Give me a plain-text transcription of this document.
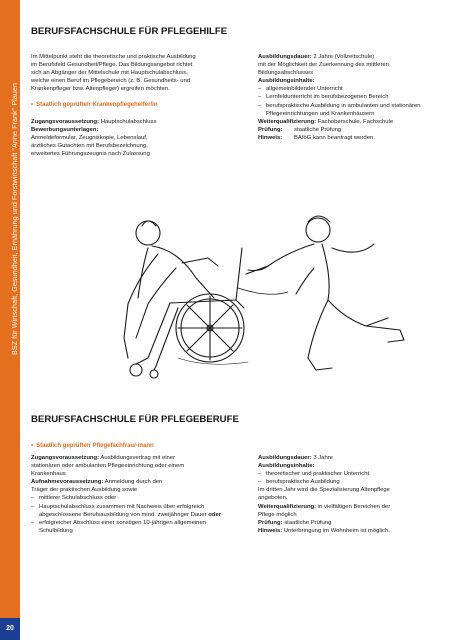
BSZ für Wirtschaft, Gesundheit, Ernährung und Forstwirtschaft "Anne Frank" Plauen
20
BERUFSFACHSCHULE FÜR PFLEGEHILFE

Im Mittelpunkt steht die theoretische und praktische Ausbildung

im Berufsfeld Gesundheit/Pflege. Das Bildungsangebot richtet

sich an Abgänger der Mittelschule mit Hauptschulabschluss,

welche einen Beruf im Pflegebereich (z. B. Gesundheits- und

Krankenpfleger bzw. Altenpfleger) ergreifen möchten.

• Staatlich geprüfte/r Krankenpflegehelfer/in

Zugangsvoraussetzung: Hauptschulabschluss

Bewerbungsunterlagen:

Anmeldeformular, Zeugniskopie, Lebenslauf,

ärztliches Gutachten mit Berufsbezeichnung,

erweitertes Führungszeugnis nach Zulassung

Ausbildungsdauer: 2 Jahre (Vollzeitschule)

mit der Möglichkeit der Zuerkennung des mittleren

Bildungsabschlusses

Ausbildungsinhalte:

– allgemeinbildender Unterricht
– Lernfeldunterricht im berufsbezogenen Bereich
– berufspraktische Ausbildung in ambulanten und stationären Pflegeeinrichtungen und Krankenhäusern

Weiterqualifizierung: Fachoberschule, Fachschule

Prüfung:	staatliche Prüfung
Hinweis:	BAföG kann beantragt werden.
BERUFSFACHSCHULE FÜR PFLEGEBERUFE

• Staatlich geprüfte/r Pflegefachfrau/-mann

Zugangsvoraussetzung: Ausbildungsvertrag mit einer

stationären oder ambulanten Pflegeeinrichtung oder einem

Krankenhaus

Aufnahmevoraussetzung: Anmeldung durch den

Träger der praktischen Ausbildung sowie

– mittlerer Schulabschluss oder
– Hauptschulabschluss zusammen mit Nachweis über erfolgreich abgeschlossene Berufsausbildung von mind. zweijähriger Dauer oder
– erfolgreicher Abschluss einer sonstigen 10-jährigen allgemeinen Schulbildung

Ausbildungsdauer: 3 Jahre

Ausbildungsinhalte:

– theoretischer und praktischer Unterricht
– berufspraktische Ausbildung

Im dritten Jahr wird die Spezialisierung Altenpflege

angeboten.

Weiterqualifizierung: in vielfältigen Bereichen der

Pflege möglich

Prüfung: staatliche Prüfung

Hinweis: Unterbringung im Wohnheim ist möglich.
